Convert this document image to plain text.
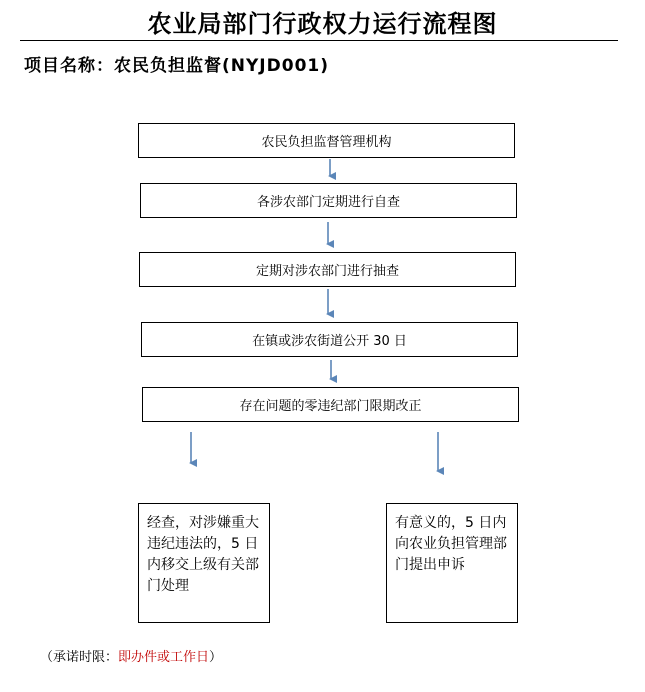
农业局部门行政权力运行流程图
项目名称：农民负担监督(NYJD001)
农民负担监督管理机构
各涉农部门定期进行自查
定期对涉农部门进行抽查
在镇或涉农街道公开 30 日
存在问题的零违纪部门限期改正
经查，对涉嫌重大违纪违法的，5 日内移交上级有关部门处理
有意义的，5 日内向农业负担管理部门提出申诉
（承诺时限：即办件或工作日）
